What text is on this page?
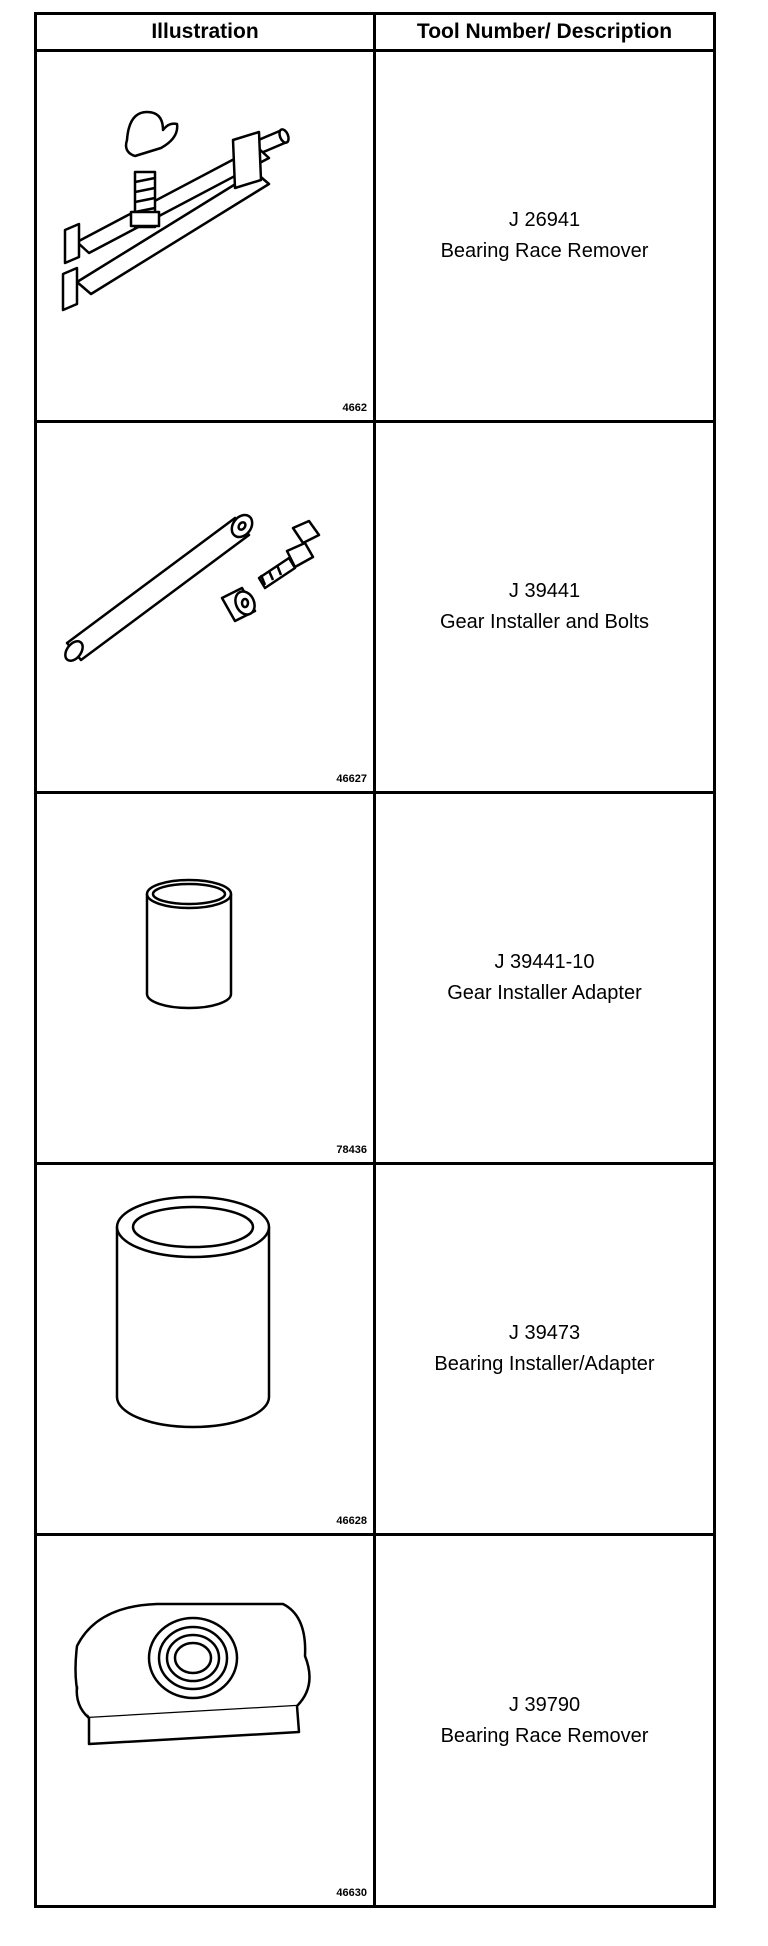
Illustration	Tool Number/ Description
4662
J 26941
Bearing Race Remover
46627
J 39441
Gear Installer and Bolts
78436
J 39441-10
Gear Installer Adapter
46628
J 39473
Bearing Installer/Adapter
46630
J 39790
Bearing Race Remover
